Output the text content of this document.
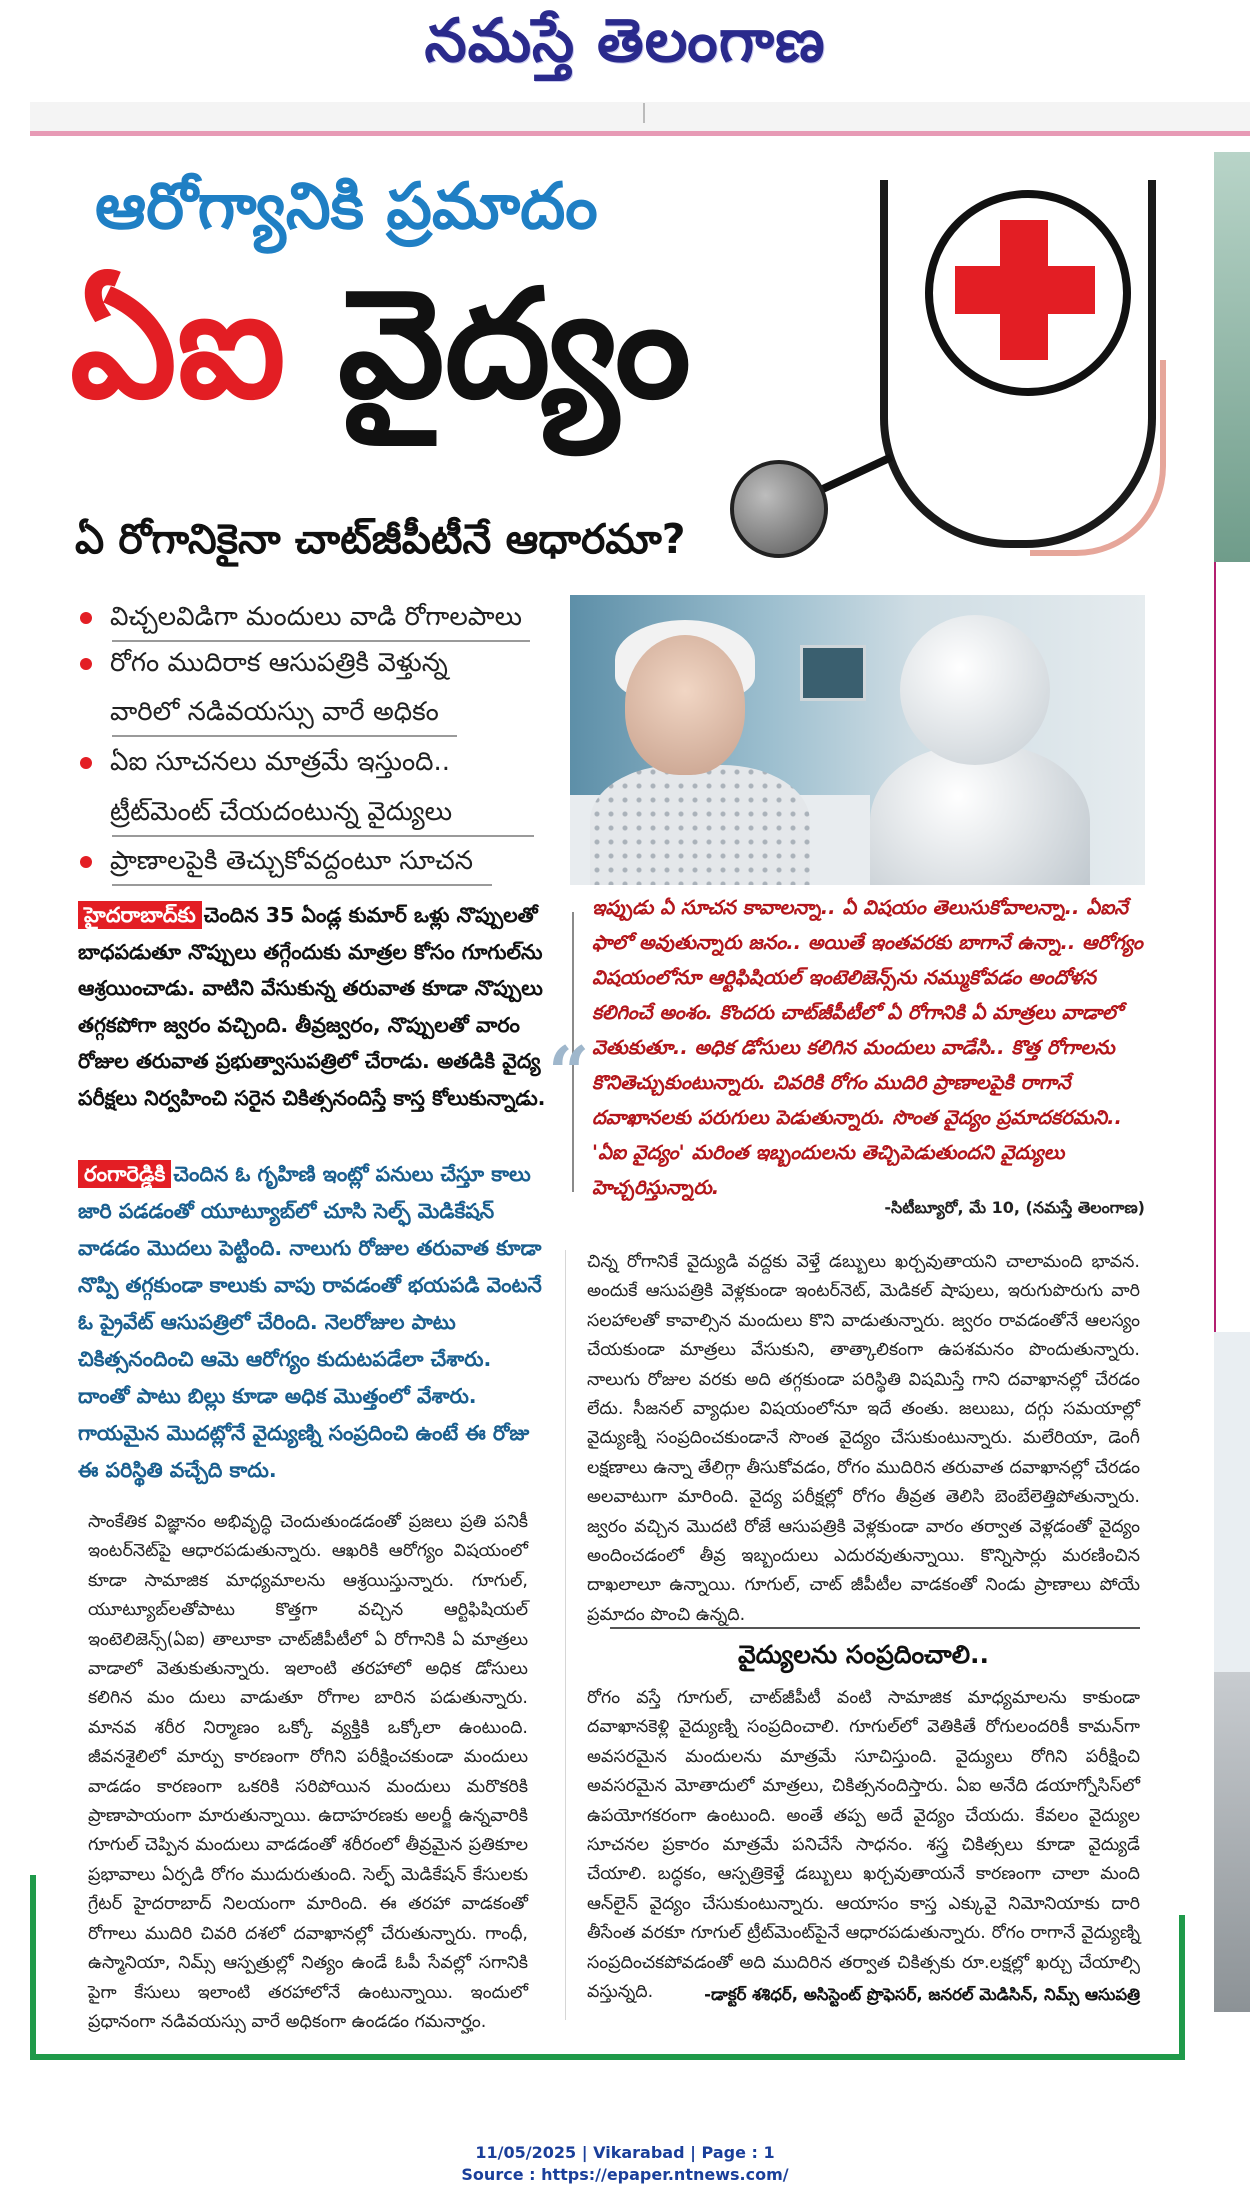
నమస్తే తెలంగాణ
ఆరోగ్యానికి ప్రమాదం
ఏఐ వైద్యం
ఏ రోగానికైనా చాట్‌జీపీటీనే ఆధారమా?
విచ్చలవిడిగా మందులు వాడి రోగాలపాలు
రోగం ముదిరాక ఆసుపత్రికి వెళ్తున్న
వారిలో నడివయస్సు వారే అధికం
ఏఐ సూచనలు మాత్రమే ఇస్తుంది..
ట్రీట్‌మెంట్ చేయదంటున్న వైద్యులు
ప్రాణాలపైకి తెచ్చుకోవద్దంటూ సూచన

హైదరాబాద్‌కు చెందిన 35 ఏండ్ల కుమార్ ఒళ్లు నొప్పులతో బాధపడుతూ నొప్పులు తగ్గేందుకు మాత్రల కోసం గూగుల్‌ను ఆశ్రయించాడు. వాటిని వేసుకున్న తరువాత కూడా నొప్పులు తగ్గకపోగా జ్వరం వచ్చింది. తీవ్రజ్వరం, నొప్పులతో వారం రోజుల తరువాత ప్రభుత్వాసుపత్రిలో చేరాడు. అతడికి వైద్య పరీక్షలు నిర్వహించి సరైన చికిత్సనందిస్తే కాస్త కోలుకున్నాడు.

రంగారెడ్డికి చెందిన ఓ గృహిణి ఇంట్లో పనులు చేస్తూ కాలు జారి పడడంతో యూట్యూబ్‌లో చూసి సెల్ఫ్ మెడికేషన్ వాడడం మొదలు పెట్టింది. నాలుగు రోజుల తరువాత కూడా నొప్పి తగ్గకుండా కాలుకు వాపు రావడంతో భయపడి వెంటనే ఓ ప్రైవేట్ ఆసుపత్రిలో చేరింది. నెలరోజుల పాటు చికిత్సనందించి ఆమె ఆరోగ్యం కుదుటపడేలా చేశారు. దాంతో పాటు బిల్లు కూడా అధిక మొత్తంలో వేశారు. గాయమైన మొదట్లోనే వైద్యుణ్ని సంప్రదించి ఉంటే ఈ రోజు ఈ పరిస్థితి వచ్చేది కాదు.

“
ఇప్పుడు ఏ సూచన కావాలన్నా.. ఏ విషయం తెలుసుకోవాలన్నా.. ఏఐనే ఫాలో అవుతున్నారు జనం.. అయితే ఇంతవరకు బాగానే ఉన్నా.. ఆరోగ్యం విషయంలోనూ ఆర్టిఫిషియల్ ఇంటెలిజెన్స్‌ను నమ్ముకోవడం అందోళన కలిగించే అంశం. కొందరు చాట్‌జీపీటీలో ఏ రోగానికి ఏ మాత్రలు వాడాలో వెతుకుతూ.. అధిక డోసులు కలిగిన మందులు వాడేసి.. కొత్త రోగాలను కొనితెచ్చుకుంటున్నారు. చివరికి రోగం ముదిరి ప్రాణాలపైకి రాగానే దవాఖానలకు పరుగులు పెడుతున్నారు. సొంత వైద్యం ప్రమాదకరమని.. 'ఏఐ వైద్యం' మరింత ఇబ్బందులను తెచ్చిపెడుతుందని వైద్యులు హెచ్చరిస్తున్నారు.
-సిటీబ్యూరో, మే 10, (నమస్తే తెలంగాణ)
చిన్న రోగానికే వైద్యుడి వద్దకు వెళ్తే డబ్బులు ఖర్చవుతాయని చాలామంది భావన. అందుకే ఆసుపత్రికి వెళ్లకుండా ఇంటర్‌నెట్, మెడికల్ షాపులు, ఇరుగుపొరుగు వారి సలహాలతో కావాల్సిన మందులు కొని వాడుతున్నారు. జ్వరం రావడంతోనే ఆలస్యం చేయకుండా మాత్రలు వేసుకుని, తాత్కాలికంగా ఉపశమనం పొందుతున్నారు. నాలుగు రోజుల వరకు అది తగ్గకుండా పరిస్థితి విషమిస్తే గాని దవాఖానల్లో చేరడం లేదు. సీజనల్ వ్యాధుల విషయంలోనూ ఇదే తంతు. జలుబు, దగ్గు సమయాల్లో వైద్యుణ్ని సంప్రదించకుండానే సొంత వైద్యం చేసుకుంటున్నారు. మలేరియా, డెంగీ లక్షణాలు ఉన్నా తేలిగ్గా తీసుకోవడం, రోగం ముదిరిన తరువాత దవాఖానల్లో చేరడం అలవాటుగా మారింది. వైద్య పరీక్షల్లో రోగం తీవ్రత తెలిసి బెంబేలెత్తిపోతున్నారు. జ్వరం వచ్చిన మొదటి రోజే ఆసుపత్రికి వెళ్లకుండా వారం తర్వాత వెళ్లడంతో వైద్యం అందించడంలో తీవ్ర ఇబ్బందులు ఎదురవుతున్నాయి. కొన్నిసార్లు మరణించిన దాఖలాలూ ఉన్నాయి. గూగుల్, చాట్ జీపీటీల వాడకంతో నిండు ప్రాణాలు పోయే ప్రమాదం పొంచి ఉన్నది.
సాంకేతిక విజ్ఞానం అభివృద్ధి చెందుతుండడంతో ప్రజలు ప్రతి పనికీ ఇంటర్‌నెట్‌పై ఆధారపడుతున్నారు. ఆఖరికి ఆరోగ్యం విషయంలో కూడా సామాజిక మాధ్యమాలను ఆశ్రయిస్తున్నారు. గూగుల్, యూట్యూబ్‌లతోపాటు కొత్తగా వచ్చిన ఆర్టిఫిషియల్ ఇంటెలిజెన్స్(ఏఐ) తాలూకా చాట్‌జీపీటీలో ఏ రోగానికి ఏ మాత్రలు వాడాలో వెతుకుతున్నారు. ఇలాంటి తరహాలో అధిక డోసులు కలిగిన మం దులు వాడుతూ రోగాల బారిన పడుతున్నారు. మానవ శరీర నిర్మాణం ఒక్కో వ్యక్తికి ఒక్కోలా ఉంటుంది. జీవనశైలిలో మార్పు కారణంగా రోగిని పరీక్షించకుండా మందులు వాడడం కారణంగా ఒకరికి సరిపోయిన మందులు మరొకరికి ప్రాణాపాయంగా మారుతున్నాయి. ఉదాహరణకు అలర్జీ ఉన్నవారికి గూగుల్ చెప్పిన మందులు వాడడంతో శరీరంలో తీవ్రమైన ప్రతికూల ప్రభావాలు ఏర్పడి రోగం ముదురుతుంది. సెల్ఫ్ మెడికేషన్ కేసులకు గ్రేటర్ హైదరాబాద్ నిలయంగా మారింది. ఈ తరహా వాడకంతో రోగాలు ముదిరి చివరి దశలో దవాఖానల్లో చేరుతున్నారు. గాంధీ, ఉస్మానియా, నిమ్స్ ఆస్పత్రుల్లో నిత్యం ఉండే ఓపీ సేవల్లో సగానికి పైగా కేసులు ఇలాంటి తరహాలోనే ఉంటున్నాయి. ఇందులో ప్రధానంగా నడివయస్సు వారే అధికంగా ఉండడం గమనార్హం.
వైద్యులను సంప్రదించాలి..
రోగం వస్తే గూగుల్, చాట్‌జీపీటీ వంటి సామాజిక మాధ్యమాలను కాకుండా దవాఖానకెళ్లి వైద్యుణ్ని సంప్రదించాలి. గూగుల్‌లో వెతికితే రోగులందరికీ కామన్‌గా అవసరమైన మందులను మాత్రమే సూచిస్తుంది. వైద్యులు రోగిని పరీక్షించి అవసరమైన మోతాదులో మాత్రలు, చికిత్సనందిస్తారు. ఏఐ అనేది డయాగ్నోసిస్‌లో ఉపయోగకరంగా ఉంటుంది. అంతే తప్ప అదే వైద్యం చేయదు. కేవలం వైద్యుల సూచనల ప్రకారం మాత్రమే పనిచేసే సాధనం. శస్త్ర చికిత్సలు కూడా వైద్యుడే చేయాలి. బద్ధకం, ఆస్పత్రికెళ్తే డబ్బులు ఖర్చవుతాయనే కారణంగా చాలా మంది ఆన్‌లైన్ వైద్యం చేసుకుంటున్నారు. ఆయాసం కాస్త ఎక్కువై నిమోనియాకు దారి తీసేంత వరకూ గూగుల్ ట్రీట్‌మెంట్‌పైనే ఆధారపడుతున్నారు. రోగం రాగానే వైద్యుణ్ని సంప్రదించకపోవడంతో అది ముదిరిన తర్వాత చికిత్సకు రూ.లక్షల్లో ఖర్చు చేయాల్సి వస్తున్నది.	-డాక్టర్ శశిధర్, అసిస్టెంట్ ప్రొఫెసర్, జనరల్ మెడిసిన్, నిమ్స్ ఆసుపత్రి
11/05/2025 | Vikarabad | Page : 1
Source : https://epaper.ntnews.com/
